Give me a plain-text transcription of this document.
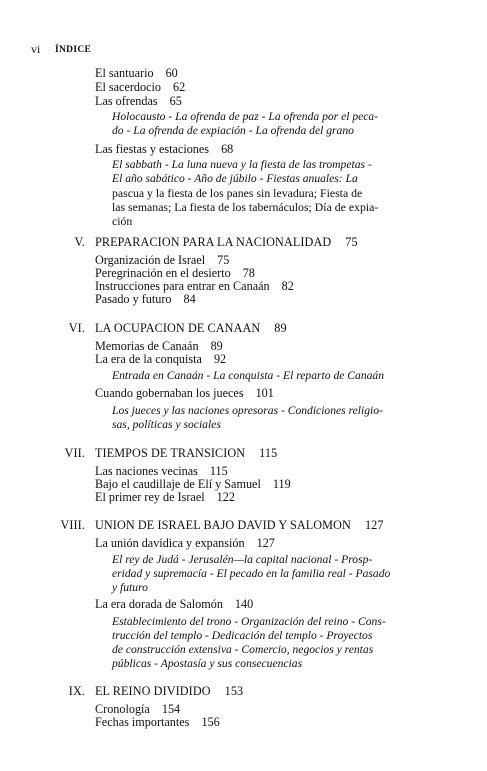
vi ÍNDICE
El santuario 60
El sacerdocio 62
Las ofrendas 65
Holocausto - La ofrenda de paz - La ofrenda por el peca-
do - La ofrenda de expiación - La ofrenda del grano
Las fiestas y estaciones 68
El sabbath - La luna nueva y la fiesta de las trompetas -
El año sabático - Año de júbilo - Fiestas anuales: La
pascua y la fiesta de los panes sin levadura; Fiesta de
las semanas; La fiesta de los tabernáculos; Día de expia-
ción
V. PREPARACION PARA LA NACIONALIDAD 75
Organización de Israel 75
Peregrinación en el desierto 78
Instrucciones para entrar en Canaán 82
Pasado y futuro 84
VI. LA OCUPACION DE CANAAN 89
Memorias de Canaán 89
La era de la conquista 92
Entrada en Canaán - La conquista - El reparto de Canaán
Cuando gobernaban los jueces 101
Los jueces y las naciones opresoras - Condiciones religio-
sas, políticas y sociales
VII. TIEMPOS DE TRANSICION 115
Las naciones vecinas 115
Bajo el caudillaje de Elí y Samuel 119
El primer rey de Israel 122
VIII. UNION DE ISRAEL BAJO DAVID Y SALOMON 127
La unión davídica y expansión 127
El rey de Judá - Jerusalén—la capital nacional - Prosp-
eridad y supremacía - El pecado en la familia real - Pasado
y futuro
La era dorada de Salomón 140
Establecimiento del trono - Organización del reino - Cons-
trucción del templo - Dedicación del templo - Proyectos
de construcción extensiva - Comercio, negocios y rentas
públicas - Apostasía y sus consecuencias
IX. EL REINO DIVIDIDO 153
Cronología 154
Fechas importantes 156
